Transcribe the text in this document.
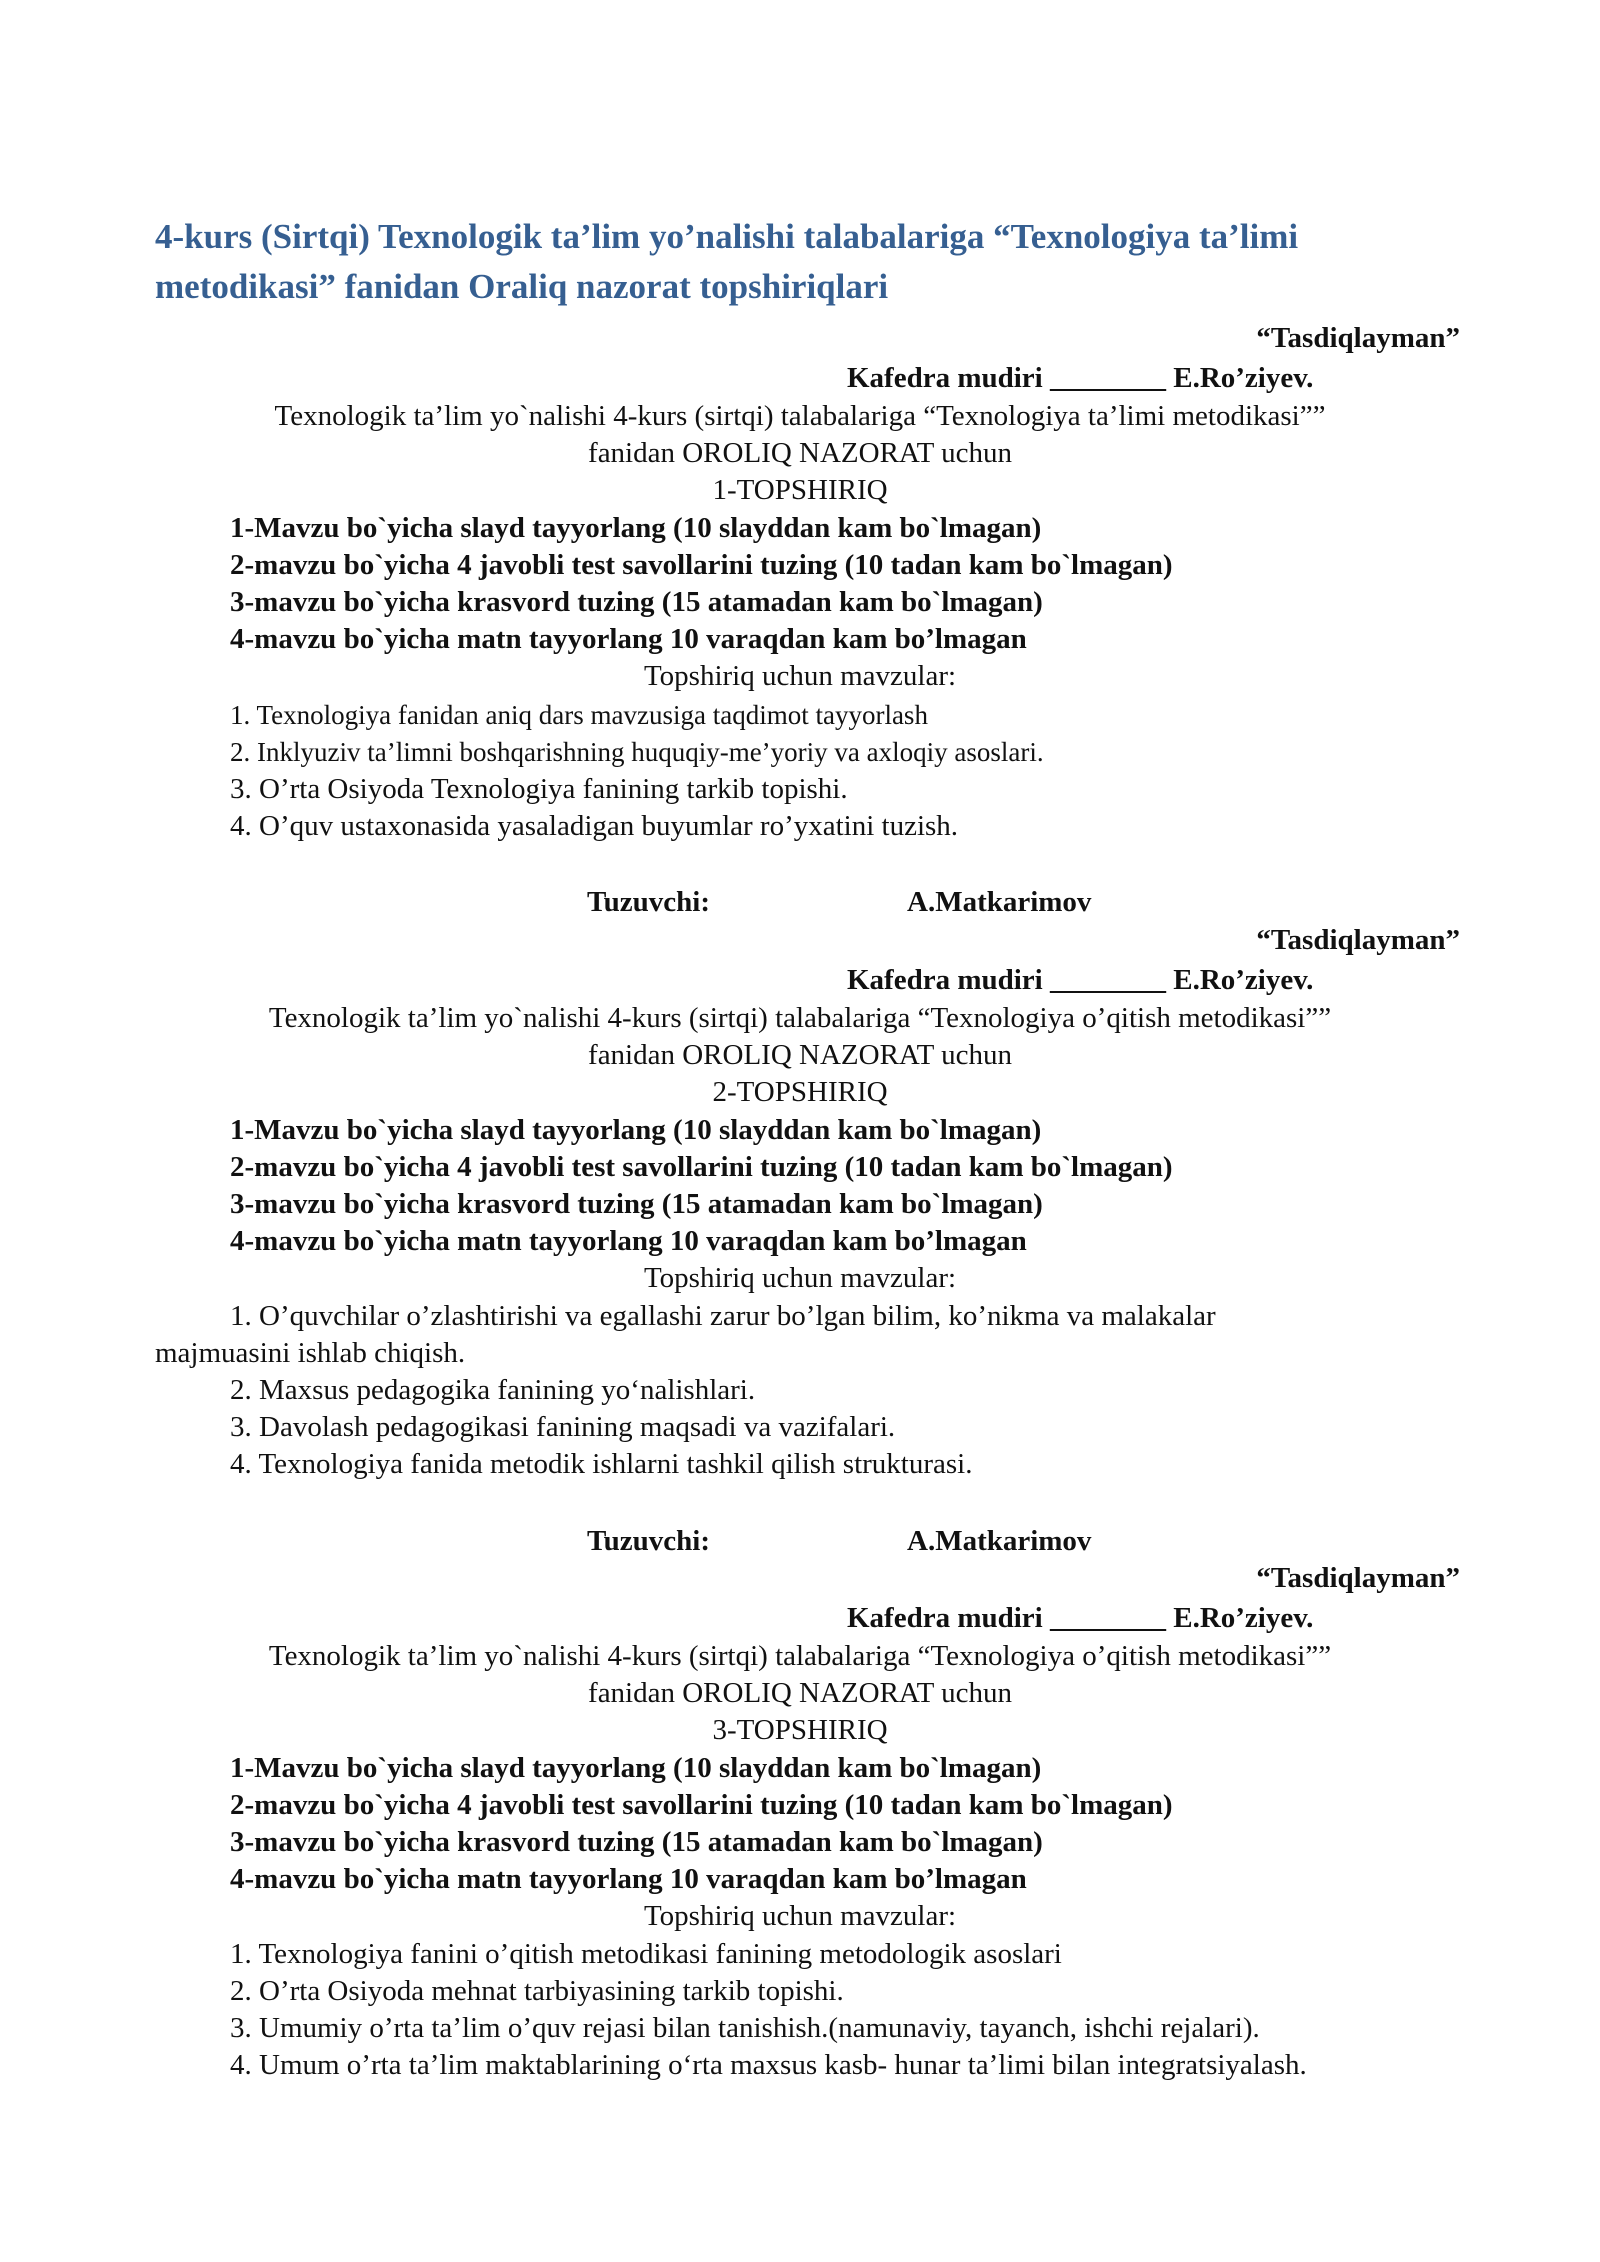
4-kurs (Sirtqi) Texnologik ta’lim yo’nalishi talabalariga “Texnologiya ta’limi metodikasi” fanidan Oraliq nazorat topshiriqlari
“Tasdiqlayman”
Kafedra mudiri ________ E.Ro’ziyev.
Texnologik ta’lim yo`nalishi 4-kurs (sirtqi) talabalariga “Texnologiya ta’limi metodikasi””
fanidan OROLIQ NAZORAT uchun
1-TOPSHIRIQ
1-Mavzu bo`yicha slayd tayyorlang (10 slayddan kam bo`lmagan)
2-mavzu bo`yicha 4 javobli test savollarini tuzing (10 tadan kam bo`lmagan)
3-mavzu bo`yicha krasvord tuzing (15 atamadan kam bo`lmagan)
4-mavzu bo`yicha matn tayyorlang 10 varaqdan kam bo’lmagan
Topshiriq uchun mavzular:
1. Texnologiya fanidan aniq dars mavzusiga taqdimot tayyorlash
2. Inklyuziv ta’limni boshqarishning huquqiy-me’yoriy va axloqiy asoslari.
3. O’rta Osiyoda Texnologiya fanining tarkib topishi.
4. O’quv ustaxonasida yasaladigan buyumlar ro’yxatini tuzish.
Tuzuvchi:	A.Matkarimov
“Tasdiqlayman”
Kafedra mudiri ________ E.Ro’ziyev.
Texnologik ta’lim yo`nalishi 4-kurs (sirtqi) talabalariga “Texnologiya o’qitish metodikasi””
fanidan OROLIQ NAZORAT uchun
2-TOPSHIRIQ
1-Mavzu bo`yicha slayd tayyorlang (10 slayddan kam bo`lmagan)
2-mavzu bo`yicha 4 javobli test savollarini tuzing (10 tadan kam bo`lmagan)
3-mavzu bo`yicha krasvord tuzing (15 atamadan kam bo`lmagan)
4-mavzu bo`yicha matn tayyorlang 10 varaqdan kam bo’lmagan
Topshiriq uchun mavzular:
1. O’quvchilar o’zlashtirishi va egallashi zarur bo’lgan bilim, ko’nikma va malakalar
majmuasini ishlab chiqish.
2. Maxsus pedagogika fanining yo‘nalishlari.
3. Davolash pedagogikasi fanining maqsadi va vazifalari.
4. Texnologiya fanida metodik ishlarni tashkil qilish strukturasi.
Tuzuvchi:	A.Matkarimov
“Tasdiqlayman”
Kafedra mudiri ________ E.Ro’ziyev.
Texnologik ta’lim yo`nalishi 4-kurs (sirtqi) talabalariga “Texnologiya o’qitish metodikasi””
fanidan OROLIQ NAZORAT uchun
3-TOPSHIRIQ
1-Mavzu bo`yicha slayd tayyorlang (10 slayddan kam bo`lmagan)
2-mavzu bo`yicha 4 javobli test savollarini tuzing (10 tadan kam bo`lmagan)
3-mavzu bo`yicha krasvord tuzing (15 atamadan kam bo`lmagan)
4-mavzu bo`yicha matn tayyorlang 10 varaqdan kam bo’lmagan
Topshiriq uchun mavzular:
1. Texnologiya fanini o’qitish metodikasi fanining metodologik asoslari
2. O’rta Osiyoda mehnat tarbiyasining tarkib topishi.
3. Umumiy o’rta ta’lim o’quv rejasi bilan tanishish.(namunaviy, tayanch, ishchi rejalari).
4. Umum o’rta ta’lim maktablarining o‘rta maxsus kasb- hunar ta’limi bilan integratsiyalash.
